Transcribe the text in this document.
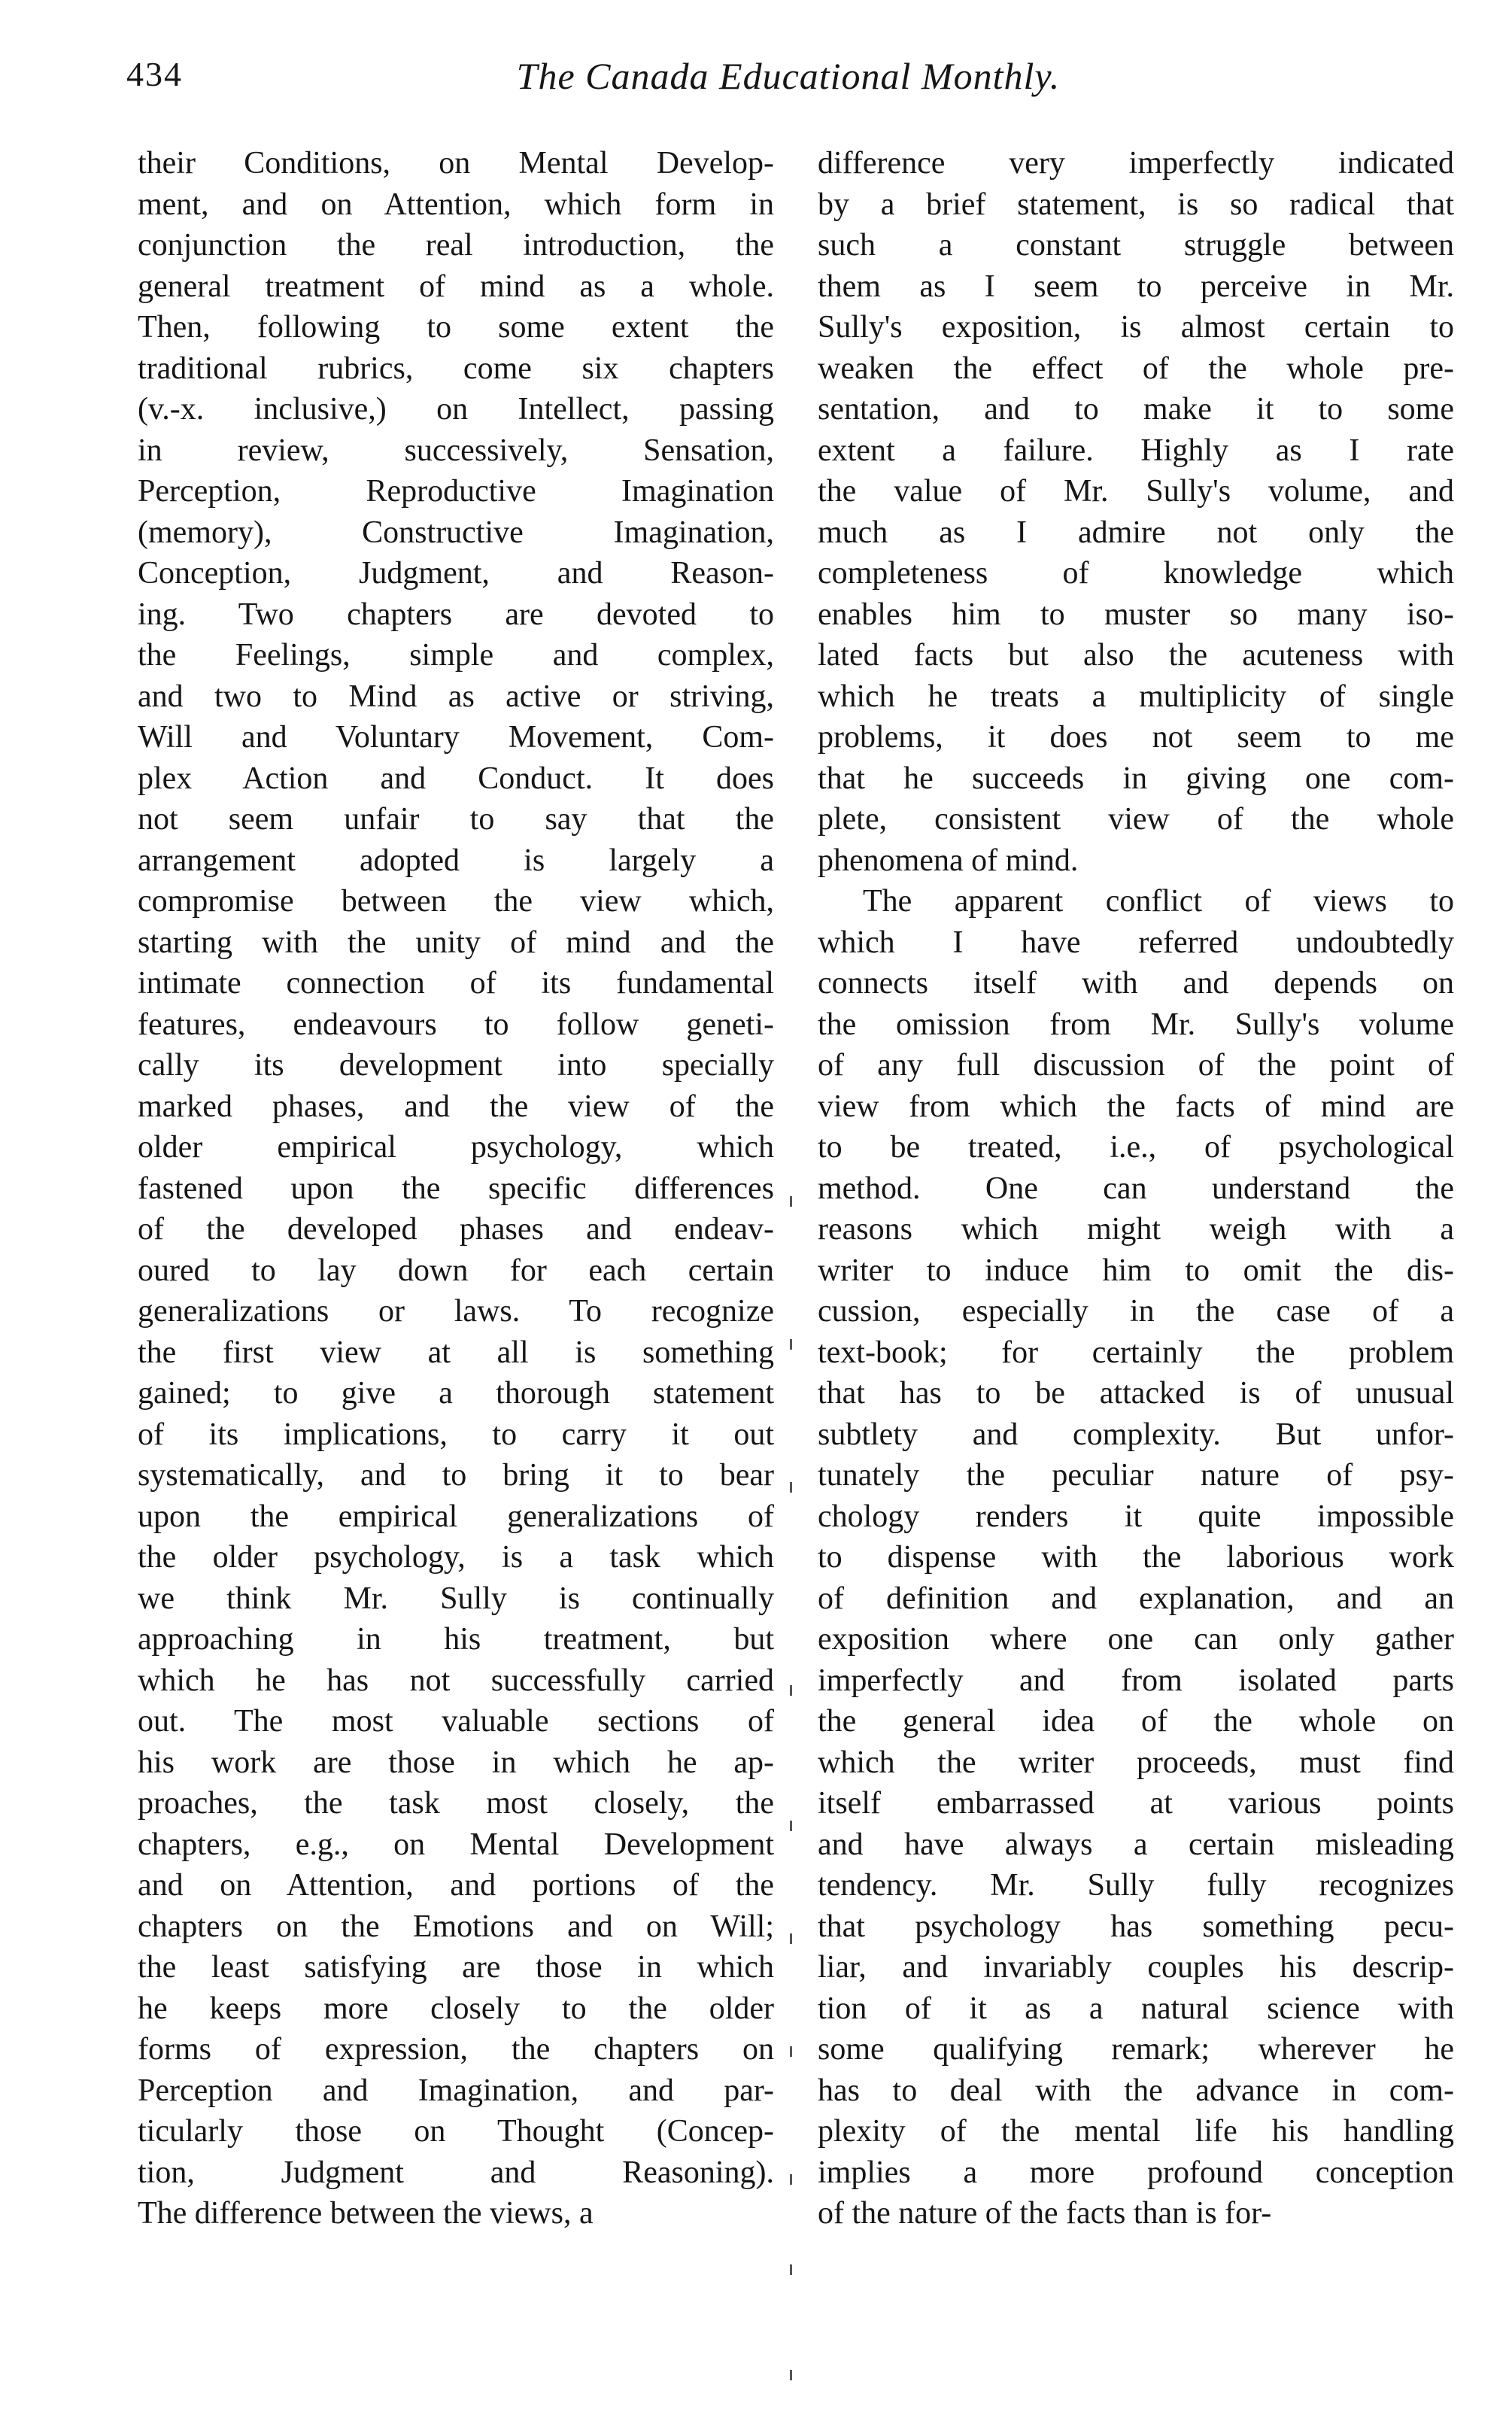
434	The Canada Educational Monthly.
their Conditions, on Mental Develop-
ment, and on Attention, which form in
conjunction the real introduction, the
general treatment of mind as a whole.
Then, following to some extent the
traditional rubrics, come six chapters
(v.-x. inclusive,) on Intellect, passing
in review, successively, Sensation,
Perception, Reproductive Imagination
(memory), Constructive Imagination,
Conception, Judgment, and Reason-
ing. Two chapters are devoted to
the Feelings, simple and complex,
and two to Mind as active or striving,
Will and Voluntary Movement, Com-
plex Action and Conduct. It does
not seem unfair to say that the
arrangement adopted is largely a
compromise between the view which,
starting with the unity of mind and the
intimate connection of its fundamental
features, endeavours to follow geneti-
cally its development into specially
marked phases, and the view of the
older empirical psychology, which
fastened upon the specific differences
of the developed phases and endeav-
oured to lay down for each certain
generalizations or laws. To recognize
the first view at all is something
gained; to give a thorough statement
of its implications, to carry it out
systematically, and to bring it to bear
upon the empirical generalizations of
the older psychology, is a task which
we think Mr. Sully is continually
approaching in his treatment, but
which he has not successfully carried
out. The most valuable sections of
his work are those in which he ap-
proaches, the task most closely, the
chapters, e.g., on Mental Development
and on Attention, and portions of the
chapters on the Emotions and on Will;
the least satisfying are those in which
he keeps more closely to the older
forms of expression, the chapters on
Perception and Imagination, and par-
ticularly those on Thought (Concep-
tion, Judgment and Reasoning).
The difference between the views, a
difference very imperfectly indicated
by a brief statement, is so radical that
such a constant struggle between
them as I seem to perceive in Mr.
Sully's exposition, is almost certain to
weaken the effect of the whole pre-
sentation, and to make it to some
extent a failure. Highly as I rate
the value of Mr. Sully's volume, and
much as I admire not only the
completeness of knowledge which
enables him to muster so many iso-
lated facts but also the acuteness with
which he treats a multiplicity of single
problems, it does not seem to me
that he succeeds in giving one com-
plete, consistent view of the whole
phenomena of mind.
The apparent conflict of views to
which I have referred undoubtedly
connects itself with and depends on
the omission from Mr. Sully's volume
of any full discussion of the point of
view from which the facts of mind are
to be treated, i.e., of psychological
method. One can understand the
reasons which might weigh with a
writer to induce him to omit the dis-
cussion, especially in the case of a
text-book; for certainly the problem
that has to be attacked is of unusual
subtlety and complexity. But unfor-
tunately the peculiar nature of psy-
chology renders it quite impossible
to dispense with the laborious work
of definition and explanation, and an
exposition where one can only gather
imperfectly and from isolated parts
the general idea of the whole on
which the writer proceeds, must find
itself embarrassed at various points
and have always a certain misleading
tendency. Mr. Sully fully recognizes
that psychology has something pecu-
liar, and invariably couples his descrip-
tion of it as a natural science with
some qualifying remark; wherever he
has to deal with the advance in com-
plexity of the mental life his handling
implies a more profound conception
of the nature of the facts than is for-
